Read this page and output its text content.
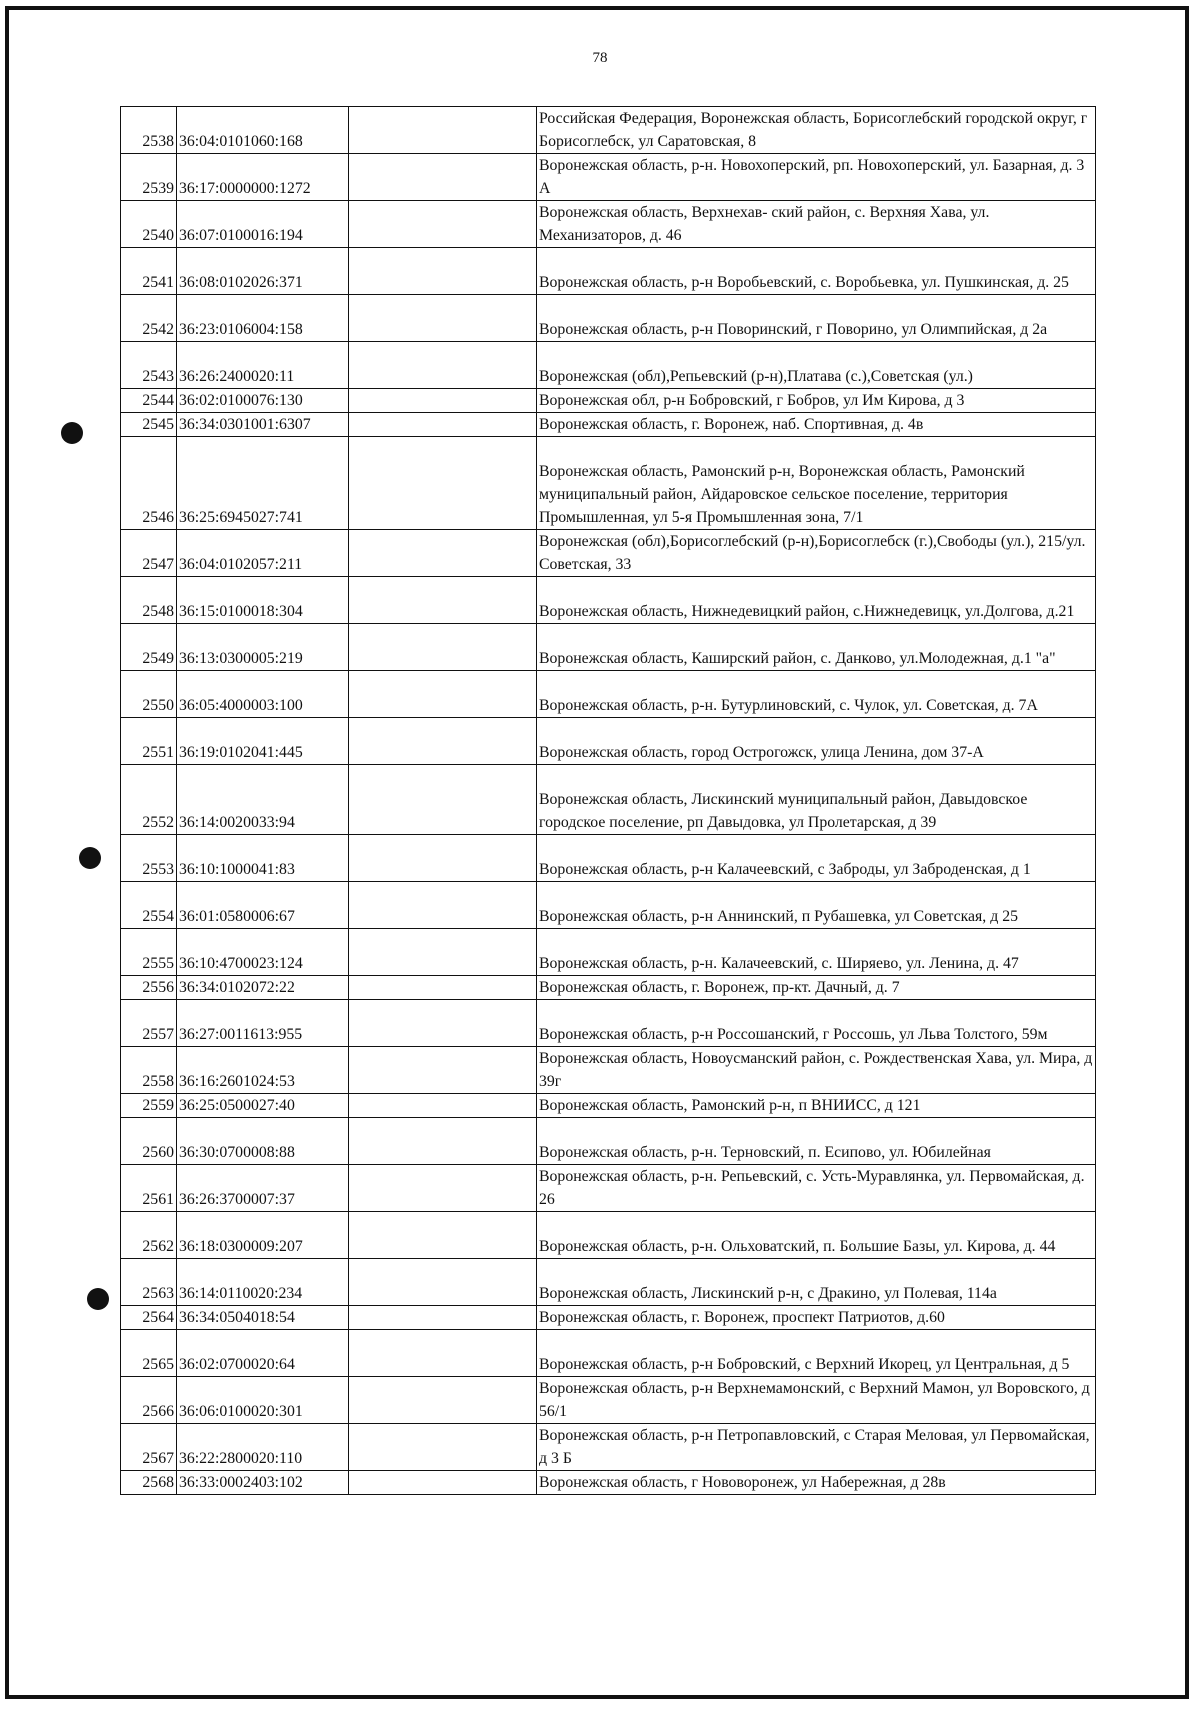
78
2538	36:04:0101060:168		Российская Федерация, Воронежская область, Борисоглебский городской округ, г Борисоглебск, ул Саратовская, 8
2539	36:17:0000000:1272		Воронежская область, р-н. Новохоперский, рп. Новохоперский, ул. Базарная, д. 3 А
2540	36:07:0100016:194		Воронежская область, Верхнехав- ский район, с. Верхняя Хава, ул. Механизаторов, д. 46
2541	36:08:0102026:371		Воронежская область, р-н Воробьевский, с. Воробьевка, ул. Пушкинская, д. 25
2542	36:23:0106004:158		Воронежская область, р-н Поворинский, г Поворино, ул Олимпийская, д 2а
2543	36:26:2400020:11		Воронежская (обл),Репьевский (р-н),Платава (с.),Советская (ул.)
2544	36:02:0100076:130		Воронежская обл, р-н Бобровский, г Бобров, ул Им Кирова, д 3
2545	36:34:0301001:6307		Воронежская область, г. Воронеж, наб. Спортивная, д. 4в
2546	36:25:6945027:741		Воронежская область, Рамонский р-н, Воронежская область, Рамонский муниципальный район, Айдаровское сельское поселение, территория Промышленная, ул 5-я Промышленная зона, 7/1
2547	36:04:0102057:211		Воронежская (обл),Борисоглебский (р-н),Борисоглебск (г.),Свободы (ул.), 215/ул. Советская, 33
2548	36:15:0100018:304		Воронежская область, Нижнедевицкий район, с.Нижнедевицк, ул.Долгова, д.21
2549	36:13:0300005:219		Воронежская область, Каширский район, с. Данково, ул.Молодежная, д.1 "а"
2550	36:05:4000003:100		Воронежская область, р-н. Бутурлиновский, с. Чулок, ул. Советская, д. 7А
2551	36:19:0102041:445		Воронежская область, город Острогожск, улица Ленина, дом 37-А
2552	36:14:0020033:94		Воронежская область, Лискинский муниципальный район, Давыдовское городское поселение, рп Давыдовка, ул Пролетарская, д 39
2553	36:10:1000041:83		Воронежская область, р-н Калачеевский, с Заброды, ул Заброденская, д 1
2554	36:01:0580006:67		Воронежская область, р-н Аннинский, п Рубашевка, ул Советская, д 25
2555	36:10:4700023:124		Воронежская область, р-н. Калачеевский, с. Ширяево, ул. Ленина, д. 47
2556	36:34:0102072:22		Воронежская область, г. Воронеж, пр-кт. Дачный, д. 7
2557	36:27:0011613:955		Воронежская область, р-н Россошанский, г Россошь, ул Льва Толстого, 59м
2558	36:16:2601024:53		Воронежская область, Новоусманский район, с. Рождественская Хава, ул. Мира, д 39г
2559	36:25:0500027:40		Воронежская область, Рамонский р-н, п ВНИИСС, д 121
2560	36:30:0700008:88		Воронежская область, р-н. Терновский, п. Есипово, ул. Юбилейная
2561	36:26:3700007:37		Воронежская область, р-н. Репьевский, с. Усть-Муравлянка, ул. Первомайская, д. 26
2562	36:18:0300009:207		Воронежская область, р-н. Ольховатский, п. Большие Базы, ул. Кирова, д. 44
2563	36:14:0110020:234		Воронежская область, Лискинский р-н, с Дракино, ул Полевая, 114а
2564	36:34:0504018:54		Воронежская область, г. Воронеж, проспект Патриотов, д.60
2565	36:02:0700020:64		Воронежская область, р-н Бобровский, с Верхний Икорец, ул Центральная, д 5
2566	36:06:0100020:301		Воронежская область, р-н Верхнемамонский, с Верхний Мамон, ул Воровского, д 56/1
2567	36:22:2800020:110		Воронежская область, р-н Петропавловский, с Старая Меловая, ул Первомайская, д 3 Б
2568	36:33:0002403:102		Воронежская область, г Нововоронеж, ул Набережная, д 28в
